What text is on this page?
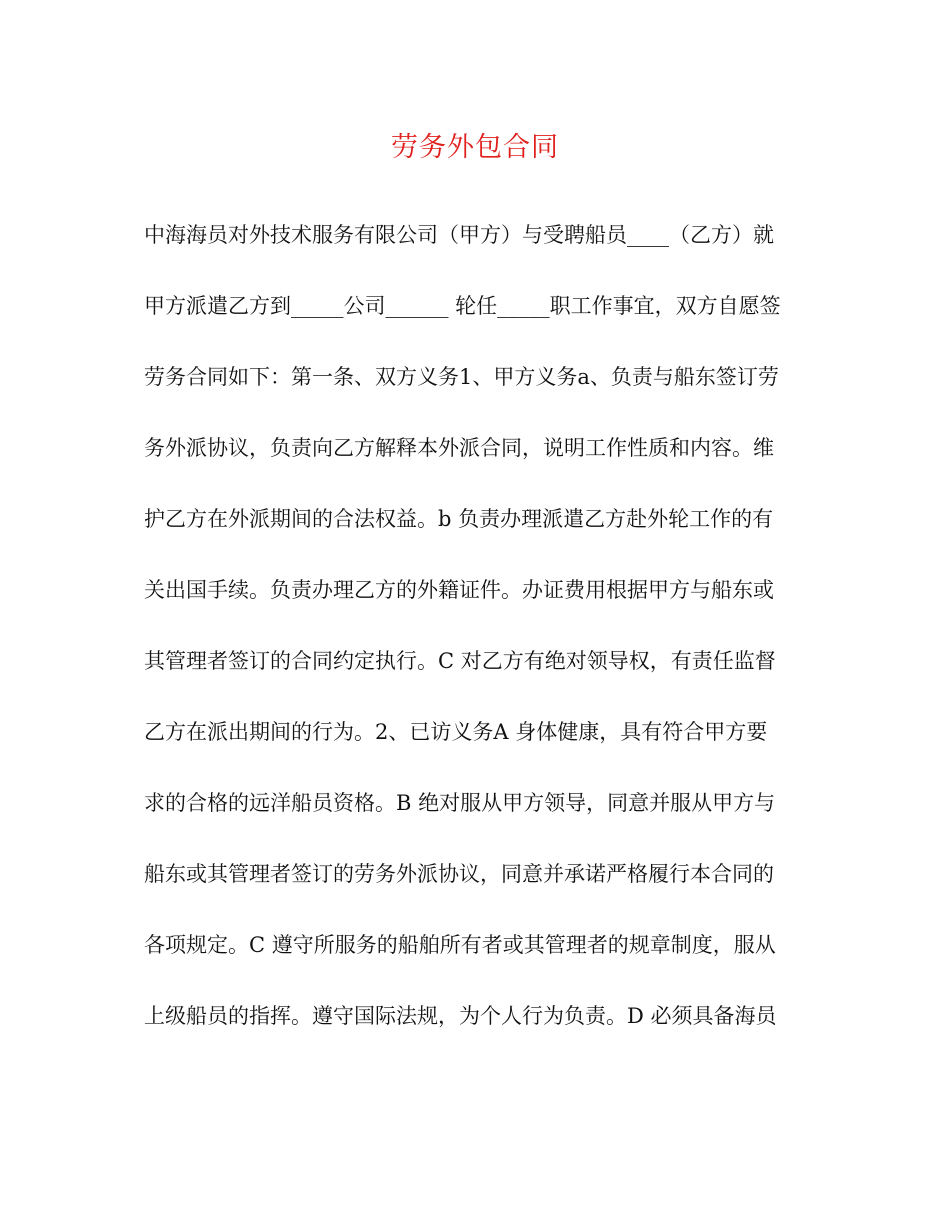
劳务外包合同
中海海员对外技术服务有限公司（甲方）与受聘船员____（乙方）就
甲方派遣乙方到_____公司______ 轮任_____职工作事宜，双方自愿签
劳务合同如下：第一条、双方义务1、甲方义务a、负责与船东签订劳
务外派协议，负责向乙方解释本外派合同，说明工作性质和内容。维
护乙方在外派期间的合法权益。b 负责办理派遣乙方赴外轮工作的有
关出国手续。负责办理乙方的外籍证件。办证费用根据甲方与船东或
其管理者签订的合同约定执行。C 对乙方有绝对领导权，有责任监督
乙方在派出期间的行为。2、已访义务A 身体健康，具有符合甲方要
求的合格的远洋船员资格。B 绝对服从甲方领导，同意并服从甲方与
船东或其管理者签订的劳务外派协议，同意并承诺严格履行本合同的
各项规定。C 遵守所服务的船舶所有者或其管理者的规章制度，服从
上级船员的指挥。遵守国际法规，为个人行为负责。D 必须具备海员
